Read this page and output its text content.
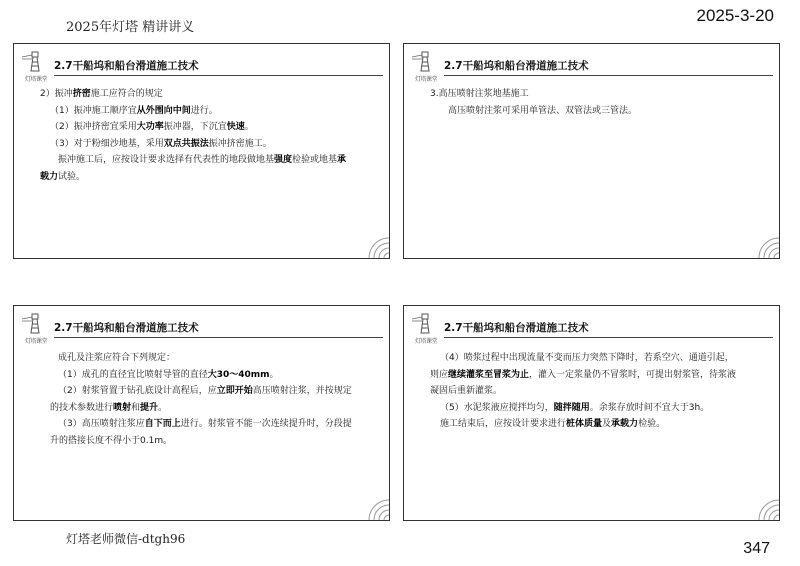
2025年灯塔 精讲讲义
2025-3-20
灯塔课堂
2.7干船坞和船台滑道施工技术

2）振冲挤密施工应符合的规定

（1）振冲施工顺序宜从外围向中间进行。

（2）振冲挤密宜采用大功率振冲器，下沉宜快速。

（3）对于粉细沙地基，采用双点共振法振冲挤密施工。

振冲施工后，应按设计要求选择有代表性的地段做地基强度检验或地基承

载力试验。

灯塔课堂
2.7干船坞和船台滑道施工技术

3.高压喷射注浆地基施工

高压喷射注浆可采用单管法、双管法或三管法。

灯塔课堂
2.7干船坞和船台滑道施工技术

成孔及注浆应符合下列规定：

（1）成孔的直径宜比喷射导管的直径大30～40mm。

（2）射浆管置于钻孔底设计高程后，应立即开始高压喷射注浆，并按规定

的技术参数进行喷射和提升。

（3）高压喷射注浆应自下而上进行。射浆管不能一次连续提升时，分段提

升的搭接长度不得小于0.1m。

灯塔课堂
2.7干船坞和船台滑道施工技术

（4）喷浆过程中出现流量不变而压力突然下降时，若系空穴、通道引起，

则应继续灌浆至冒浆为止，灌入一定浆量仍不冒浆时，可提出射浆管，待浆液

凝固后重新灌浆。

（5）水泥浆液应搅拌均匀，随拌随用。余浆存放时间不宜大于3h。

施工结束后，应按设计要求进行桩体质量及承载力检验。

灯塔老师微信-dtgh96
347
